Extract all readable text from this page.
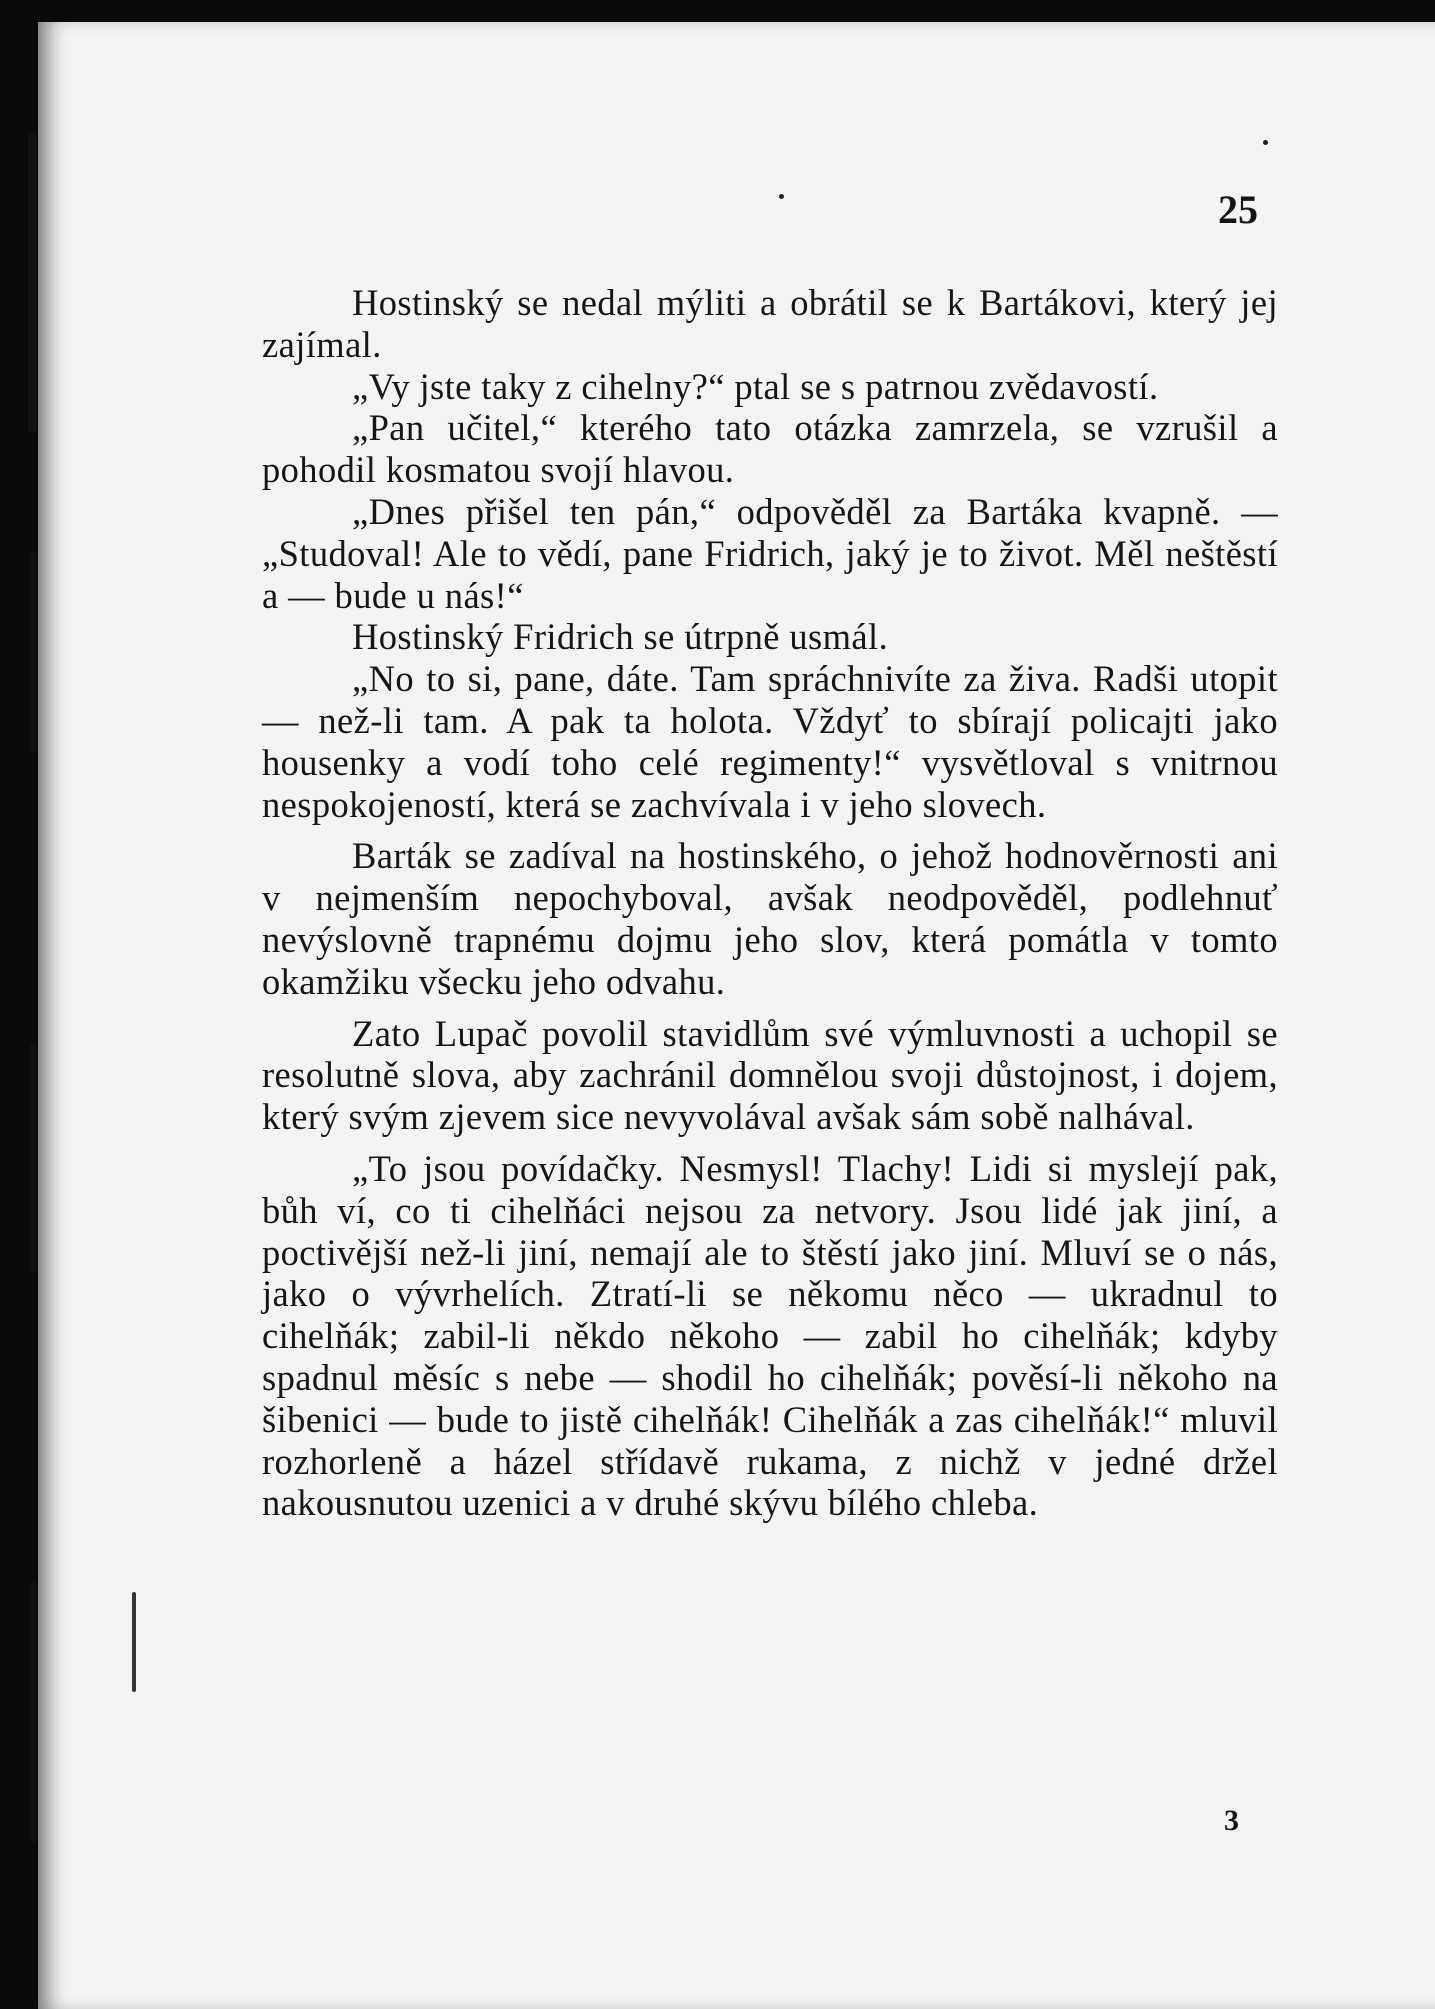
25

Hostinský se nedal mýliti a obrátil se k Bartákovi, který jej zajímal.

„Vy jste taky z cihelny?“ ptal se s patrnou zvědavostí.

„Pan učitel,“ kterého tato otázka zamrzela, se vzrušil a pohodil kosmatou svojí hlavou.

„Dnes přišel ten pán,“ odpověděl za Bartáka kvapně. — „Studoval! Ale to vědí, pane Fridrich, jaký je to život. Měl neštěstí a — bude u nás!“

Hostinský Fridrich se útrpně usmál.

„No to si, pane, dáte. Tam spráchnivíte za živa. Radši utopit — než-li tam. A pak ta holota. Vždyť to sbírají policajti jako housenky a vodí toho celé regimenty!“ vysvětloval s vnitrnou nespokojeností, která se zachvívala i v jeho slovech.

Barták se zadíval na hostinského, o jehož hodnověrnosti ani v nejmenším nepochyboval, avšak neodpověděl, podlehnuť nevýslovně trapnému dojmu jeho slov, která pomátla v tomto okamžiku všecku jeho odvahu.

Zato Lupač povolil stavidlům své výmluvnosti a uchopil se resolutně slova, aby zachránil domnělou svoji důstojnost, i dojem, který svým zjevem sice nevyvolával avšak sám sobě nalhával.

„To jsou povídačky. Nesmysl! Tlachy! Lidi si myslejí pak, bůh ví, co ti cihelňáci nejsou za netvory. Jsou lidé jak jiní, a poctivější než-li jiní, nemají ale to štěstí jako jiní. Mluví se o nás, jako o vývrhelích. Ztratí-li se někomu něco — ukradnul to cihelňák; zabil-li někdo někoho — zabil ho cihelňák; kdyby spadnul měsíc s nebe — shodil ho cihelňák; pověsí-li někoho na šibenici — bude to jistě cihelňák! Cihelňák a zas cihelňák!“ mluvil rozhorleně a házel střídavě rukama, z nichž v jedné držel nakousnutou uzenici a v druhé skývu bílého chleba.

3
